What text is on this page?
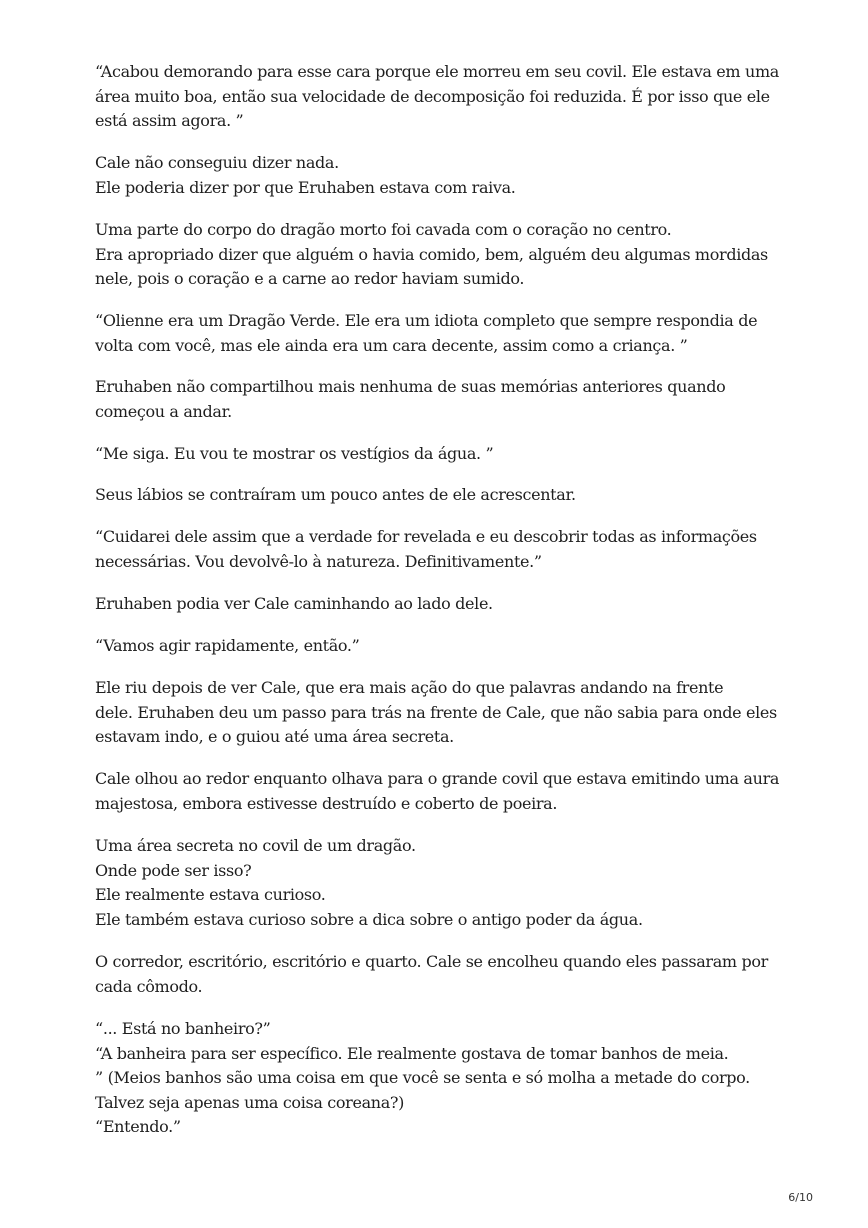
“Acabou demorando para esse cara porque ele morreu em seu covil. Ele estava em uma
área muito boa, então sua velocidade de decomposição foi reduzida. É por isso que ele
está assim agora. ”
Cale não conseguiu dizer nada.
Ele poderia dizer por que Eruhaben estava com raiva.
Uma parte do corpo do dragão morto foi cavada com o coração no centro.
Era apropriado dizer que alguém o havia comido, bem, alguém deu algumas mordidas
nele, pois o coração e a carne ao redor haviam sumido.
“Olienne era um Dragão Verde. Ele era um idiota completo que sempre respondia de
volta com você, mas ele ainda era um cara decente, assim como a criança. ”
Eruhaben não compartilhou mais nenhuma de suas memórias anteriores quando
começou a andar.
“Me siga. Eu vou te mostrar os vestígios da água. ”
Seus lábios se contraíram um pouco antes de ele acrescentar.
“Cuidarei dele assim que a verdade for revelada e eu descobrir todas as informações
necessárias. Vou devolvê-lo à natureza. Definitivamente.”
Eruhaben podia ver Cale caminhando ao lado dele.
“Vamos agir rapidamente, então.”
Ele riu depois de ver Cale, que era mais ação do que palavras andando na frente
dele. Eruhaben deu um passo para trás na frente de Cale, que não sabia para onde eles
estavam indo, e o guiou até uma área secreta.
Cale olhou ao redor enquanto olhava para o grande covil que estava emitindo uma aura
majestosa, embora estivesse destruído e coberto de poeira.
Uma área secreta no covil de um dragão.
Onde pode ser isso?
Ele realmente estava curioso.
Ele também estava curioso sobre a dica sobre o antigo poder da água.
O corredor, escritório, escritório e quarto. Cale se encolheu quando eles passaram por
cada cômodo.
“... Está no banheiro?”
“A banheira para ser específico. Ele realmente gostava de tomar banhos de meia.
” (Meios banhos são uma coisa em que você se senta e só molha a metade do corpo.
Talvez seja apenas uma coisa coreana?)
“Entendo.”
6/10
